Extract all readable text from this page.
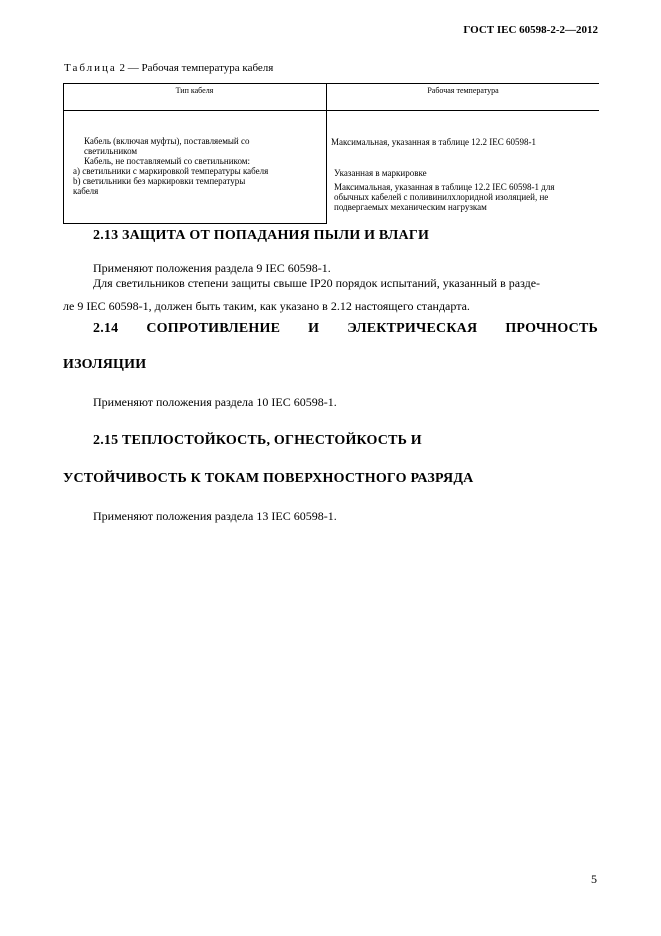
ГОСТ IEC 60598-2-2—2012
Таблица 2 — Рабочая температура кабеля
Тип кабеля	Рабочая температура
Кабель (включая муфты), поставляемый со
светильником
Кабель, не поставляемый со светильником:
а) светильники с маркировкой температуры кабеля
b) светильники без маркировки температуры
кабеля
Максимальная, указанная в таблице 12.2 IEC 60598-1
Указанная в маркировке
Максимальная, указанная в таблице 12.2 IEC 60598-1 для
обычных кабелей с поливинилхлоридной изоляцией, не
подвергаемых механическим нагрузкам
2.13 ЗАЩИТА ОТ ПОПАДАНИЯ ПЫЛИ И ВЛАГИ
Применяют положения раздела 9 IEC 60598-1.
Для светильников степени защиты свыше IP20 порядок испытаний, указанный в разде-
ле 9 IEC 60598-1, должен быть таким, как указано в 2.12 настоящего стандарта.
2.14 СОПРОТИВЛЕНИЕ И ЭЛЕКТРИЧЕСКАЯ ПРОЧНОСТЬ
ИЗОЛЯЦИИ
Применяют положения раздела 10 IEC 60598-1.
2.15 ТЕПЛОСТОЙКОСТЬ, ОГНЕСТОЙКОСТЬ И
УСТОЙЧИВОСТЬ К ТОКАМ ПОВЕРХНОСТНОГО РАЗРЯДА
Применяют положения раздела 13 IEC 60598-1.
5
